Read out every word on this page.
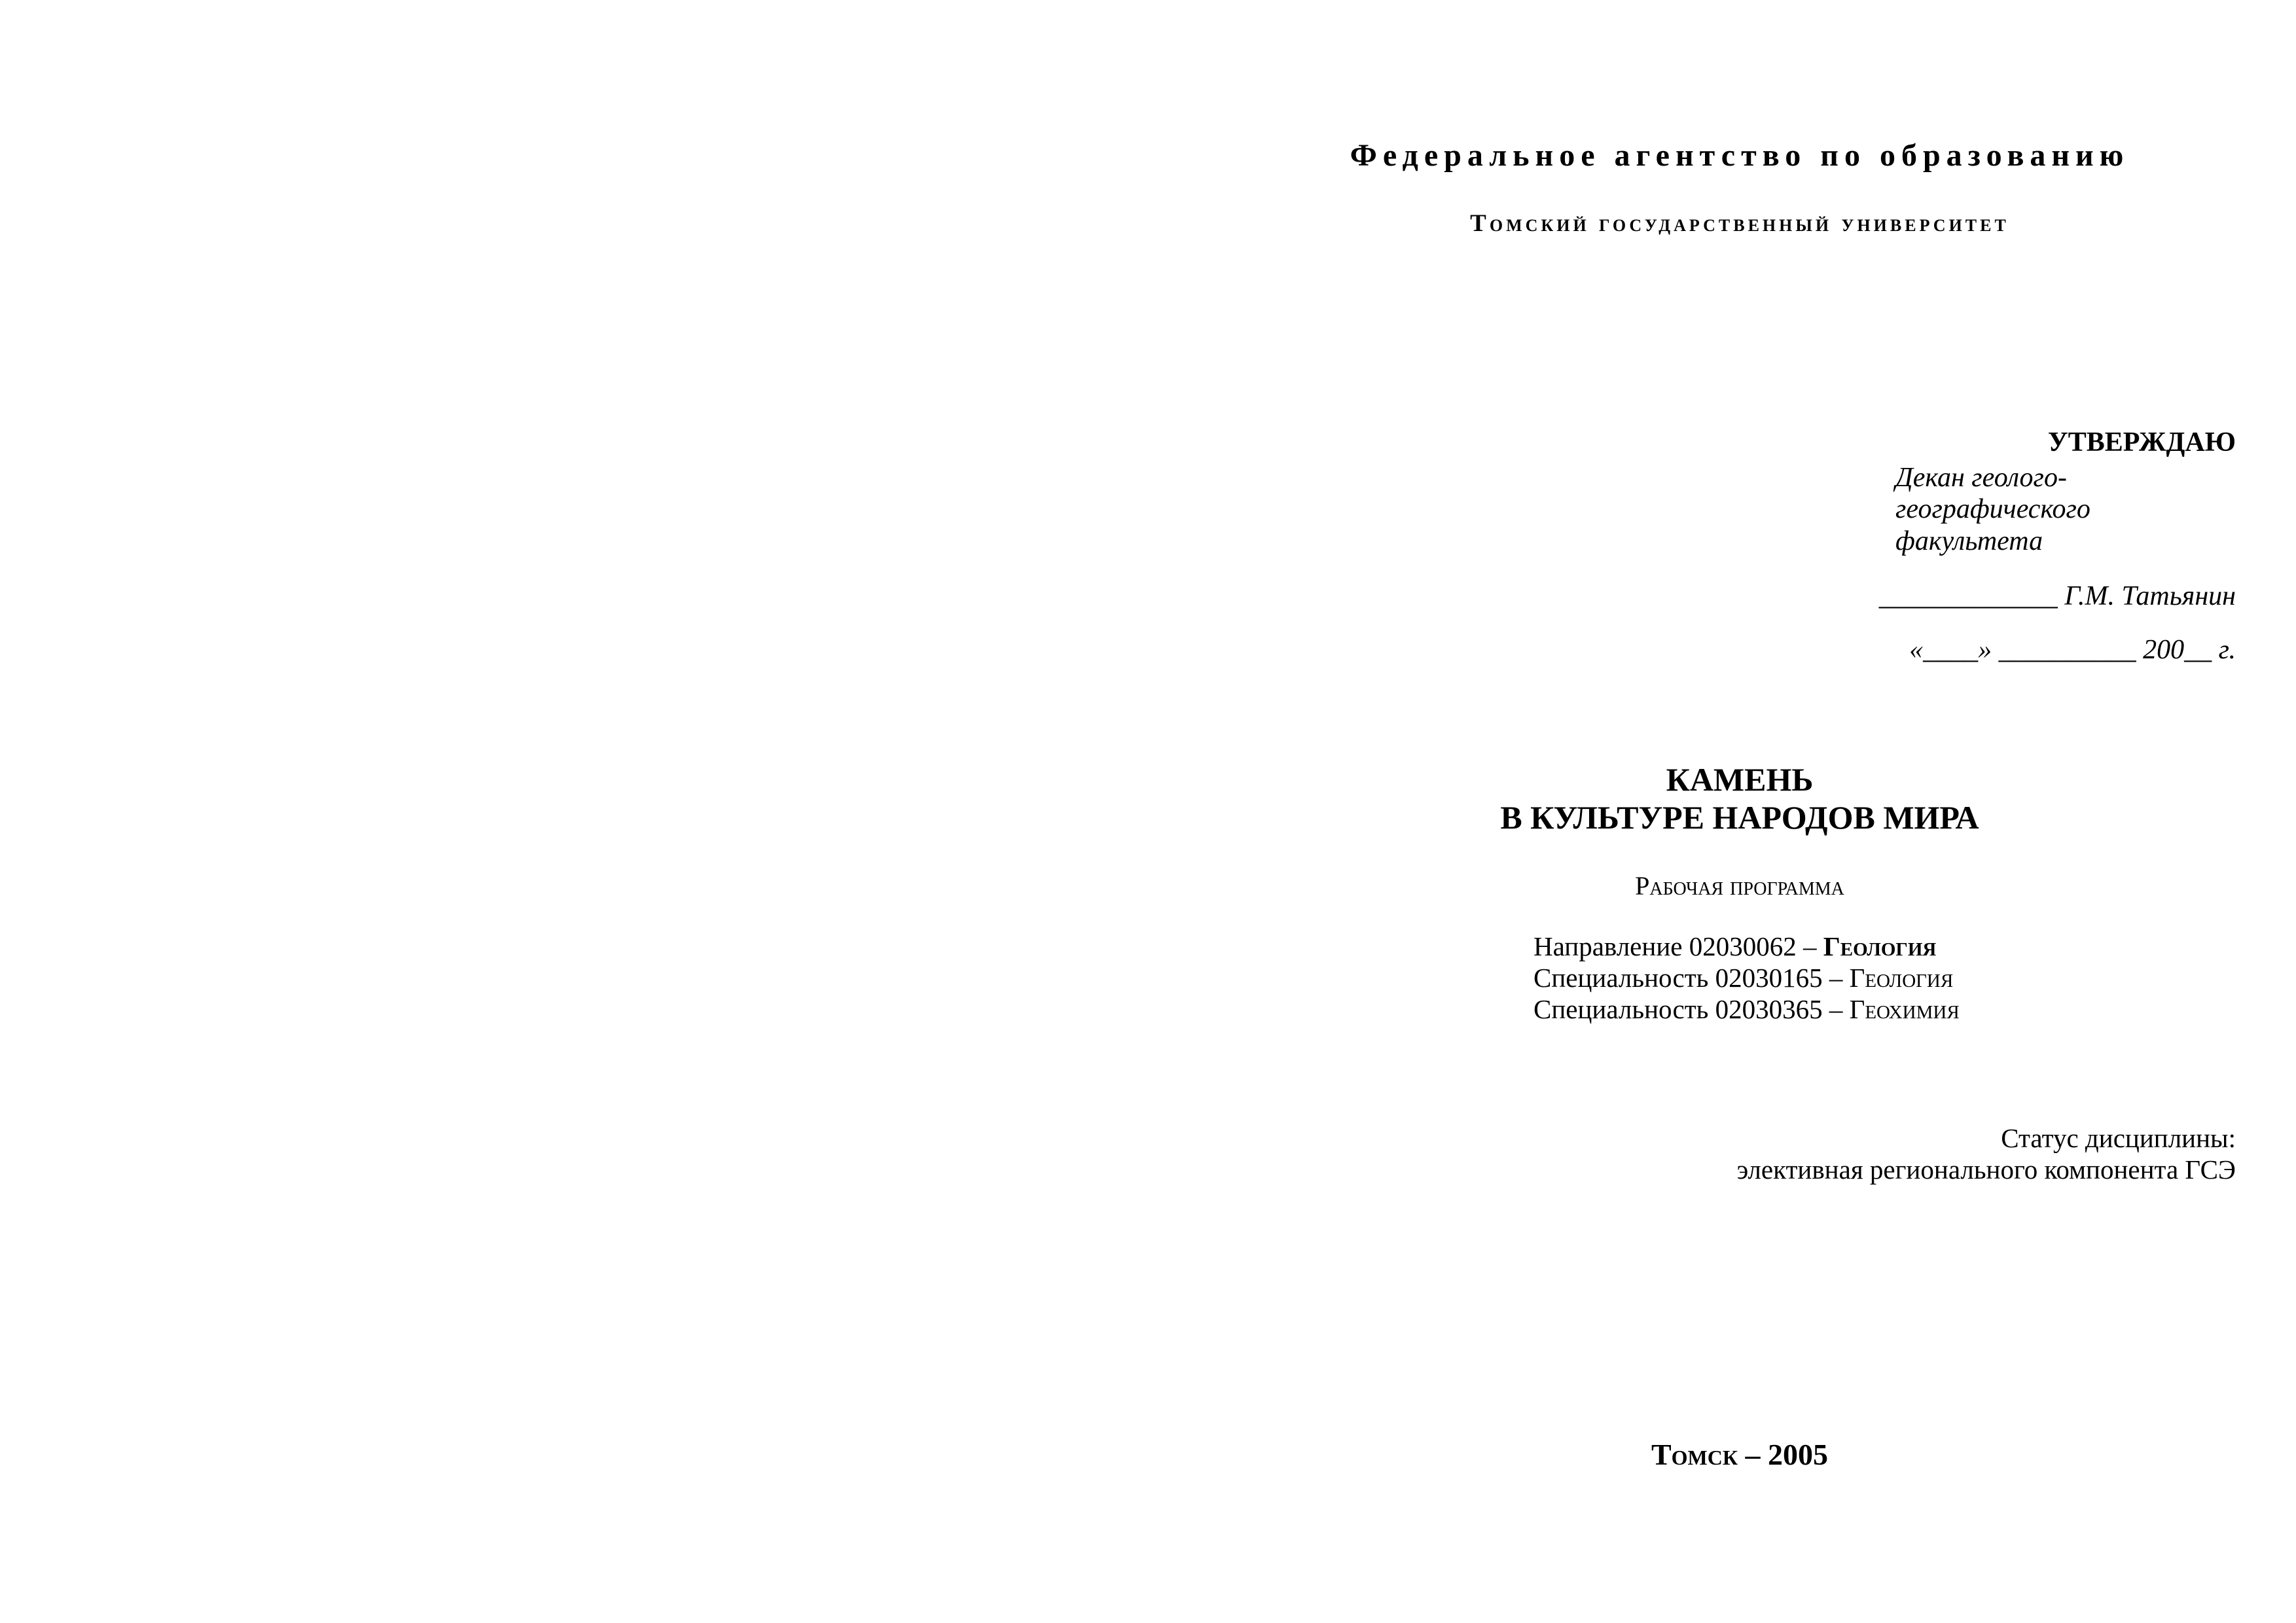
Федеральное агентство по образованию
Томский государственный университет
УТВЕРЖДАЮ
Декан геолого-географического
факультета
_____________ Г.М. Татьянин
«____» __________ 200__ г.
КАМЕНЬ
В КУЛЬТУРЕ НАРОДОВ МИРА
Рабочая программа
Направление 02030062 – Геология
Специальность 02030165 – Геология
Специальность 02030365 – Геохимия
Статус дисциплины:
элективная регионального компонента ГСЭ
Томск – 2005
